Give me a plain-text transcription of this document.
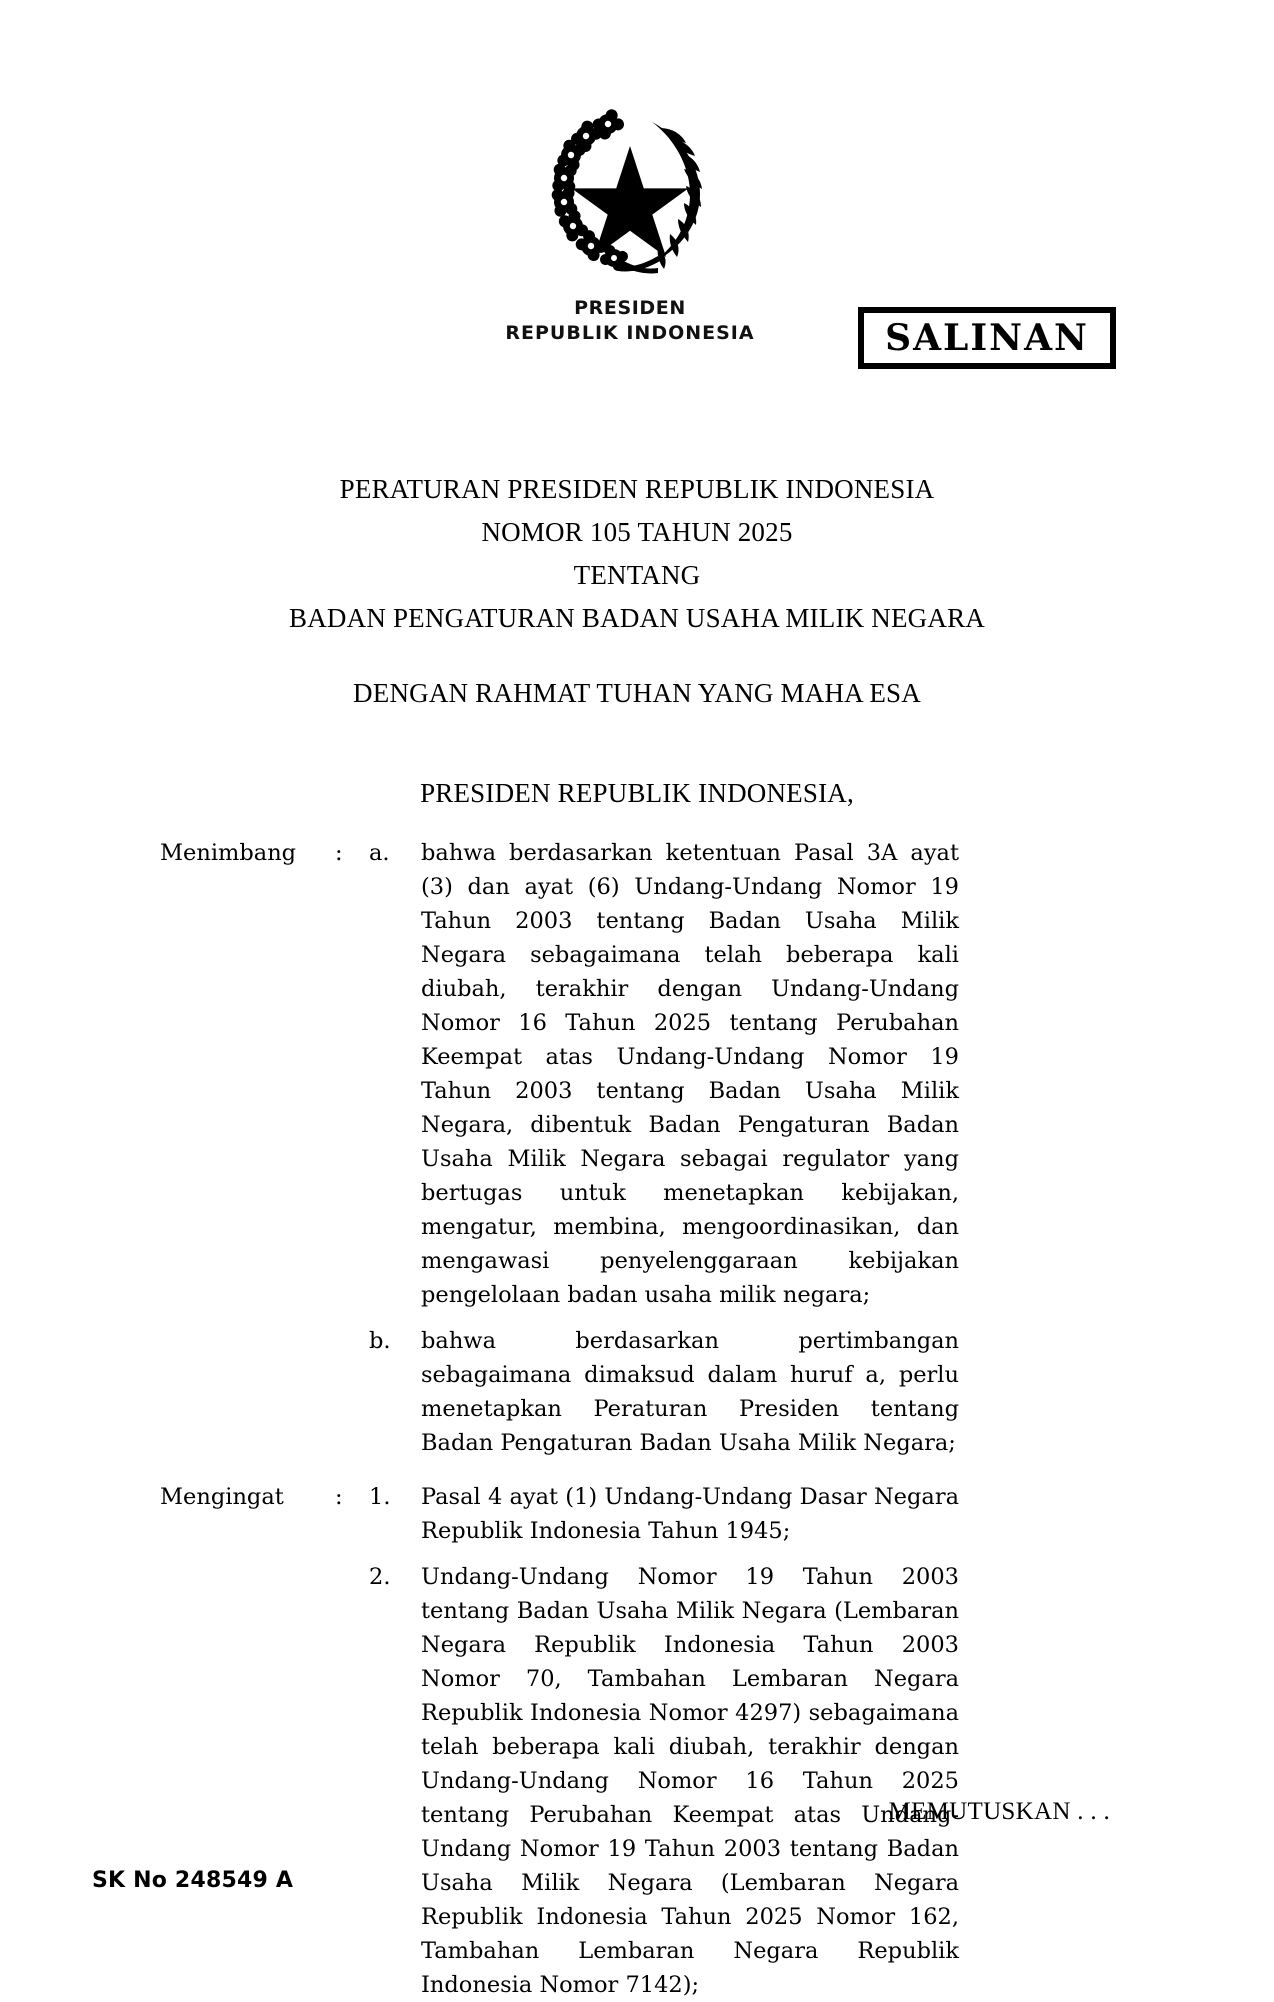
PRESIDEN
REPUBLIK INDONESIA	SALINAN
PERATURAN PRESIDEN REPUBLIK INDONESIA
NOMOR 105 TAHUN 2025
TENTANG
BADAN PENGATURAN BADAN USAHA MILIK NEGARA
DENGAN RAHMAT TUHAN YANG MAHA ESA
PRESIDEN REPUBLIK INDONESIA,
Menimbang	:	a.	bahwa berdasarkan ketentuan Pasal 3A ayat (3) dan ayat (6) Undang-Undang Nomor 19 Tahun 2003 tentang Badan Usaha Milik Negara sebagaimana telah beberapa kali diubah, terakhir dengan Undang-Undang Nomor 16 Tahun 2025 tentang Perubahan Keempat atas Undang-Undang Nomor 19 Tahun 2003 tentang Badan Usaha Milik Negara, dibentuk Badan Pengaturan Badan Usaha Milik Negara sebagai regulator yang bertugas untuk menetapkan kebijakan, mengatur, membina, mengoordinasikan, dan mengawasi penyelenggaraan kebijakan pengelolaan badan usaha milik negara;
b.	bahwa berdasarkan pertimbangan sebagaimana dimaksud dalam huruf a, perlu menetapkan Peraturan Presiden tentang Badan Pengaturan Badan Usaha Milik Negara;
Mengingat	:	1.	Pasal 4 ayat (1) Undang-Undang Dasar Negara Republik Indonesia Tahun 1945;
2.	Undang-Undang Nomor 19 Tahun 2003 tentang Badan Usaha Milik Negara (Lembaran Negara Republik Indonesia Tahun 2003 Nomor 70, Tambahan Lembaran Negara Republik Indonesia Nomor 4297) sebagaimana telah beberapa kali diubah, terakhir dengan Undang-Undang Nomor 16 Tahun 2025 tentang Perubahan Keempat atas Undang-Undang Nomor 19 Tahun 2003 tentang Badan Usaha Milik Negara (Lembaran Negara Republik Indonesia Tahun 2025 Nomor 162, Tambahan Lembaran Negara Republik Indonesia Nomor 7142);
MEMUTUSKAN . . .
SK No 248549 A
